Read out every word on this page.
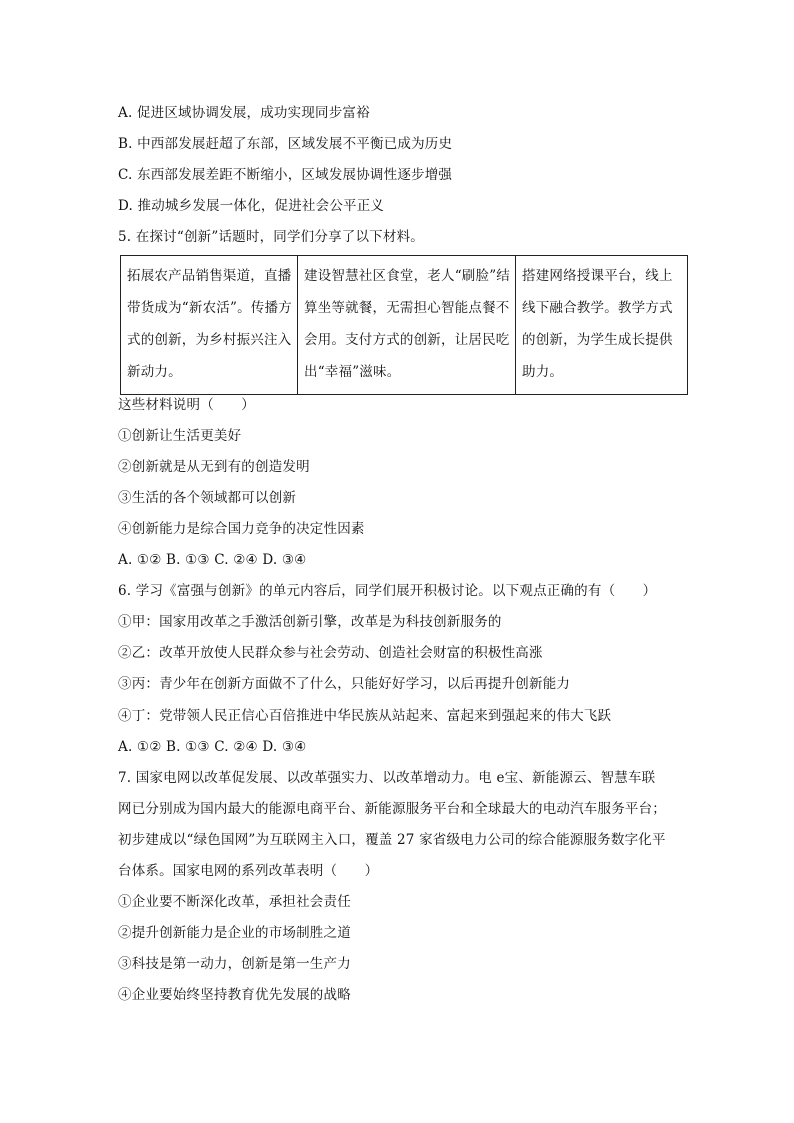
A. 促进区域协调发展，成功实现同步富裕
B. 中西部发展赶超了东部，区域发展不平衡已成为历史
C. 东西部发展差距不断缩小，区域发展协调性逐步增强
D. 推动城乡发展一体化，促进社会公平正义
5. 在探讨“创新”话题时，同学们分享了以下材料。
拓展农产品销售渠道，直播带货成为“新农活”。传播方式的创新，为乡村振兴注入新动力。	建设智慧社区食堂，老人“刷脸”结算坐等就餐，无需担心智能点餐不会用。支付方式的创新，让居民吃出“幸福”滋味。	搭建网络授课平台，线上线下融合教学。教学方式的创新，为学生成长提供助力。
这些材料说明（　　）
①创新让生活更美好
②创新就是从无到有的创造发明
③生活的各个领域都可以创新
④创新能力是综合国力竞争的决定性因素
A. ①② B. ①③ C. ②④ D. ③④
6. 学习《富强与创新》的单元内容后，同学们展开积极讨论。以下观点正确的有（　　）
①甲：国家用改革之手激活创新引擎，改革是为科技创新服务的
②乙：改革开放使人民群众参与社会劳动、创造社会财富的积极性高涨
③丙：青少年在创新方面做不了什么，只能好好学习，以后再提升创新能力
④丁：党带领人民正信心百倍推进中华民族从站起来、富起来到强起来的伟大飞跃
A. ①② B. ①③ C. ②④ D. ③④
7. 国家电网以改革促发展、以改革强实力、以改革增动力。电 e宝、新能源云、智慧车联
网已分别成为国内最大的能源电商平台、新能源服务平台和全球最大的电动汽车服务平台；
初步建成以“绿色国网”为互联网主入口，覆盖 27 家省级电力公司的综合能源服务数字化平
台体系。国家电网的系列改革表明（　　）
①企业要不断深化改革，承担社会责任
②提升创新能力是企业的市场制胜之道
③科技是第一动力，创新是第一生产力
④企业要始终坚持教育优先发展的战略
